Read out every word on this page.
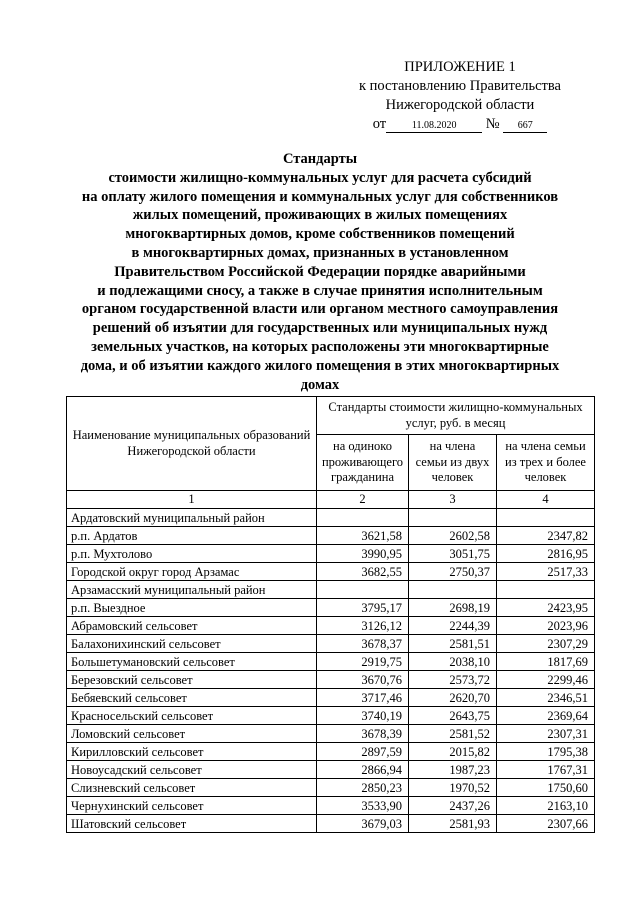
ПРИЛОЖЕНИЕ 1
к постановлению Правительства
Нижегородской области
от	11.08.2020 № 667
Стандарты
стоимости жилищно-коммунальных услуг для расчета субсидий
на оплату жилого помещения и коммунальных услуг для собственников
жилых помещений, проживающих в жилых помещениях
многоквартирных домов, кроме собственников помещений
в многоквартирных домах, признанных в установленном
Правительством Российской Федерации порядке аварийными
и подлежащими сносу, а также в случае принятия исполнительным
органом государственной власти или органом местного самоуправления
решений об изъятии для государственных или муниципальных нужд
земельных участков, на которых расположены эти многоквартирные
дома, и об изъятии каждого жилого помещения в этих многоквартирных
домах
Наименование муниципальных образований Нижегородской области	Стандарты стоимости жилищно-коммунальных услуг, руб. в месяц		
	на одиноко проживающего гражданина	на члена семьи из двух человек	на члена семьи из трех и более человек
1	2	3	4
Ардатовский муниципальный район			
р.п. Ардатов	3621,58	2602,58	2347,82
р.п. Мухтолово	3990,95	3051,75	2816,95
Городской округ город Арзамас	3682,55	2750,37	2517,33
Арзамасский муниципальный район			
р.п. Выездное	3795,17	2698,19	2423,95
Абрамовский сельсовет	3126,12	2244,39	2023,96
Балахонихинский сельсовет	3678,37	2581,51	2307,29
Большетумановский сельсовет	2919,75	2038,10	1817,69
Березовский сельсовет	3670,76	2573,72	2299,46
Бебяевский сельсовет	3717,46	2620,70	2346,51
Красносельский сельсовет	3740,19	2643,75	2369,64
Ломовский сельсовет	3678,39	2581,52	2307,31
Кирилловский сельсовет	2897,59	2015,82	1795,38
Новоусадский сельсовет	2866,94	1987,23	1767,31
Слизневский сельсовет	2850,23	1970,52	1750,60
Чернухинский сельсовет	3533,90	2437,26	2163,10
Шатовский сельсовет	3679,03	2581,93	2307,66
